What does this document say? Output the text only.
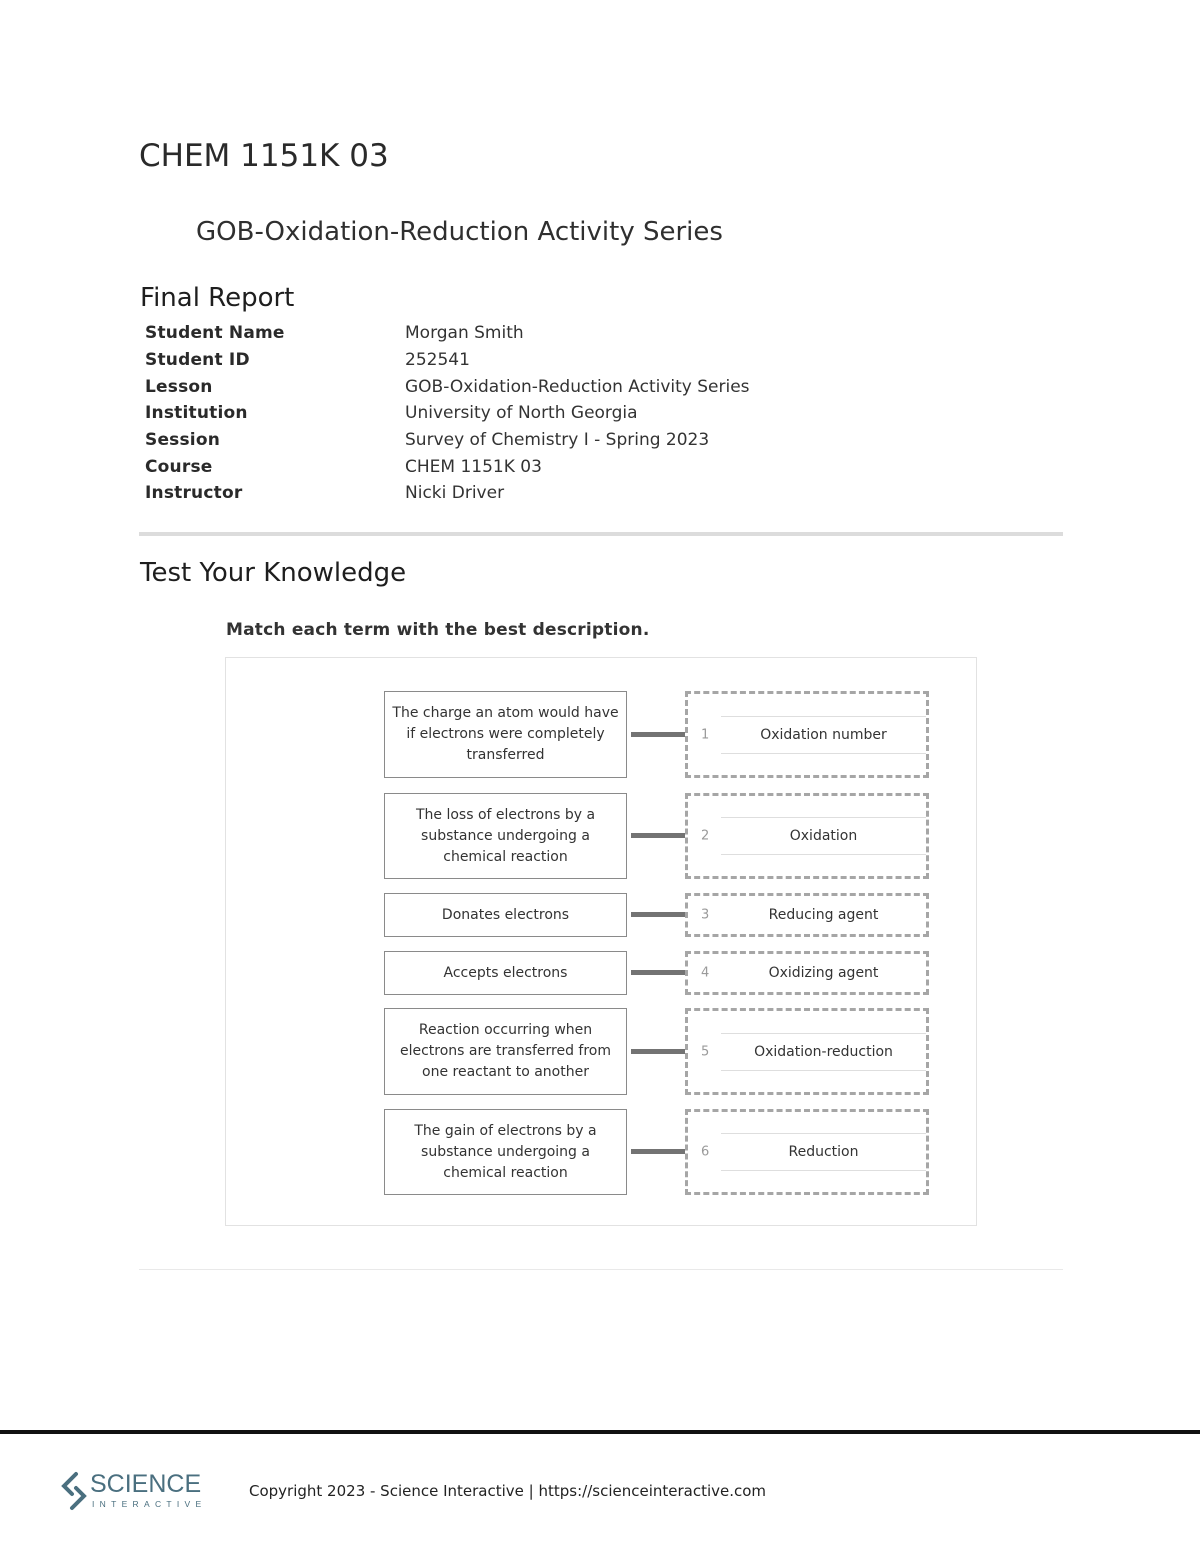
CHEM 1151K 03
GOB-Oxidation-Reduction Activity Series
Final Report
Student Name	Morgan Smith
Student ID	252541
Lesson	GOB-Oxidation-Reduction Activity Series
Institution	University of North Georgia
Session	Survey of Chemistry I - Spring 2023
Course	CHEM 1151K 03
Instructor	Nicki Driver
Test Your Knowledge
Match each term with the best description.
The charge an atom would have if electrons were completely transferred
1	Oxidation number
The loss of electrons by a substance undergoing a chemical reaction
2	Oxidation
Donates electrons	3	Reducing agent
Accepts electrons	4	Oxidizing agent
Reaction occurring when electrons are transferred from one reactant to another
5	Oxidation-reduction
The gain of electrons by a substance undergoing a chemical reaction
6	Reduction
SCIENCE
INTERACTIVE
Copyright 2023 - Science Interactive | https://scienceinteractive.com
